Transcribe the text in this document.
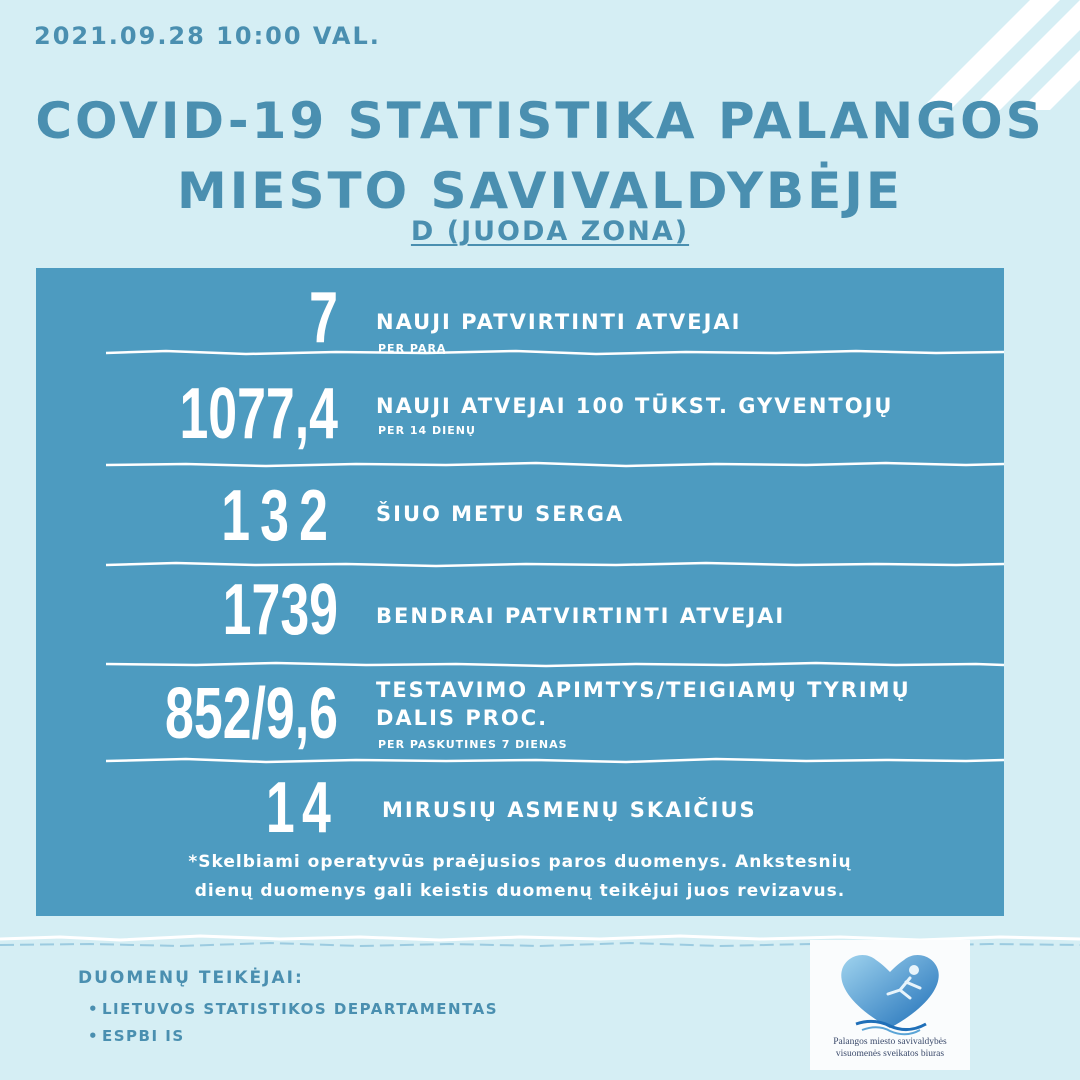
2021.09.28 10:00 VAL.
COVID-19 STATISTIKA PALANGOS
MIESTO SAVIVALDYBĖJE
D (JUODA ZONA)
7 NAUJI PATVIRTINTI ATVEJAI
PER PARĄ
1077,4 NAUJI ATVEJAI 100 TŪKST. GYVENTOJŲ
PER 14 DIENŲ
132 ŠIUO METU SERGA
1739 BENDRAI PATVIRTINTI ATVEJAI
852/9,6 TESTAVIMO APIMTYS/TEIGIAMŲ TYRIMŲ
DALIS PROC.
PER PASKUTINES 7 DIENAS
14 MIRUSIŲ ASMENŲ SKAIČIUS
*Skelbiami operatyvūs praėjusios paros duomenys. Ankstesnių
dienų duomenys gali keistis duomenų teikėjui juos revizavus.
DUOMENŲ TEIKĖJAI:
• LIETUVOS STATISTIKOS DEPARTAMENTAS
• ESPBI IS	Palangos miesto savivaldybės
visuomenės sveikatos biuras
